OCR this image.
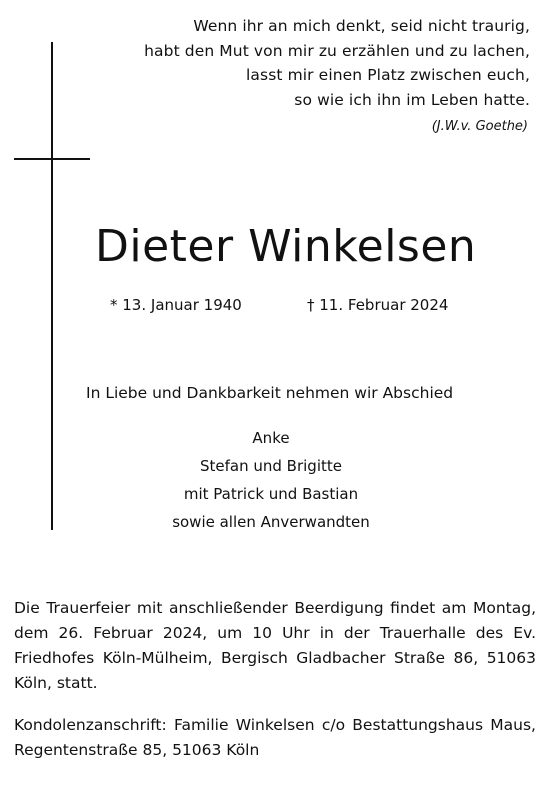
Wenn ihr an mich denkt, seid nicht traurig,
habt den Mut von mir zu erzählen und zu lachen,
lasst mir einen Platz zwischen euch,
so wie ich ihn im Leben hatte.
(J.W.v. Goethe)
Dieter Winkelsen
* 13. Januar 1940	† 11. Februar 2024
In Liebe und Dankbarkeit nehmen wir Abschied
Anke
Stefan und Brigitte
mit Patrick und Bastian
sowie allen Anverwandten
Die Trauerfeier mit anschließender Beerdigung findet am Montag, dem 26. Februar 2024, um 10 Uhr in der Trauerhalle des Ev. Friedhofes Köln-Mülheim, Bergisch Gladbacher Straße 86, 51063 Köln, statt.
Kondolenzanschrift: Familie Winkelsen c/o Bestattungshaus Maus, Regentenstraße 85, 51063 Köln
